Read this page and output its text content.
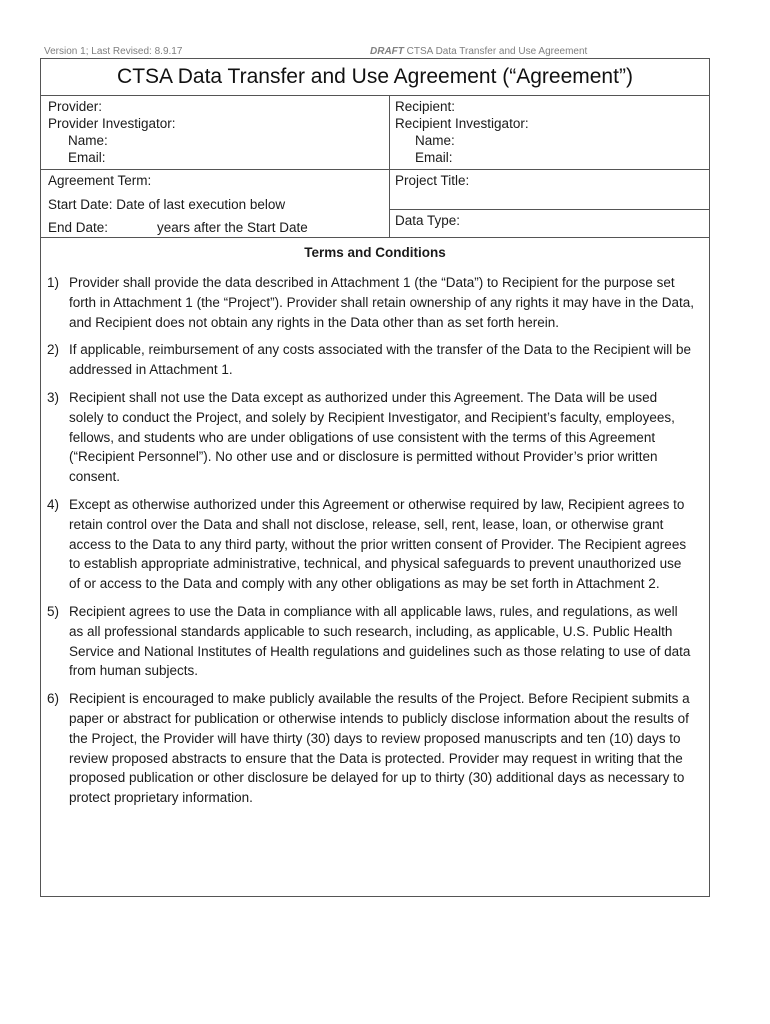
Version 1; Last Revised: 8.9.17	DRAFT CTSA Data Transfer and Use Agreement
CTSA Data Transfer and Use Agreement (“Agreement”)
Provider:
Provider Investigator:
Name:
Email:
Agreement Term:
Start Date: Date of last execution below
End Date:	years after the Start Date
Recipient:
Recipient Investigator:
Name:
Email:
Project Title:
Data Type:
Terms and Conditions
1) Provider shall provide the data described in Attachment 1 (the “Data”) to Recipient for the purpose set forth in Attachment 1 (the “Project”). Provider shall retain ownership of any rights it may have in the Data, and Recipient does not obtain any rights in the Data other than as set forth herein.
2) If applicable, reimbursement of any costs associated with the transfer of the Data to the Recipient will be addressed in Attachment 1.
3) Recipient shall not use the Data except as authorized under this Agreement. The Data will be used solely to conduct the Project, and solely by Recipient Investigator, and Recipient’s faculty, employees, fellows, and students who are under obligations of use consistent with the terms of this Agreement (“Recipient Personnel”). No other use and or disclosure is permitted without Provider’s prior written consent.
4) Except as otherwise authorized under this Agreement or otherwise required by law, Recipient agrees to retain control over the Data and shall not disclose, release, sell, rent, lease, loan, or otherwise grant access to the Data to any third party, without the prior written consent of Provider. The Recipient agrees to establish appropriate administrative, technical, and physical safeguards to prevent unauthorized use of or access to the Data and comply with any other obligations as may be set forth in Attachment 2.
5) Recipient agrees to use the Data in compliance with all applicable laws, rules, and regulations, as well as all professional standards applicable to such research, including, as applicable, U.S. Public Health Service and National Institutes of Health regulations and guidelines such as those relating to use of data from human subjects.
6) Recipient is encouraged to make publicly available the results of the Project. Before Recipient submits a paper or abstract for publication or otherwise intends to publicly disclose information about the results of the Project, the Provider will have thirty (30) days to review proposed manuscripts and ten (10) days to review proposed abstracts to ensure that the Data is protected. Provider may request in writing that the proposed publication or other disclosure be delayed for up to thirty (30) additional days as necessary to protect proprietary information.
